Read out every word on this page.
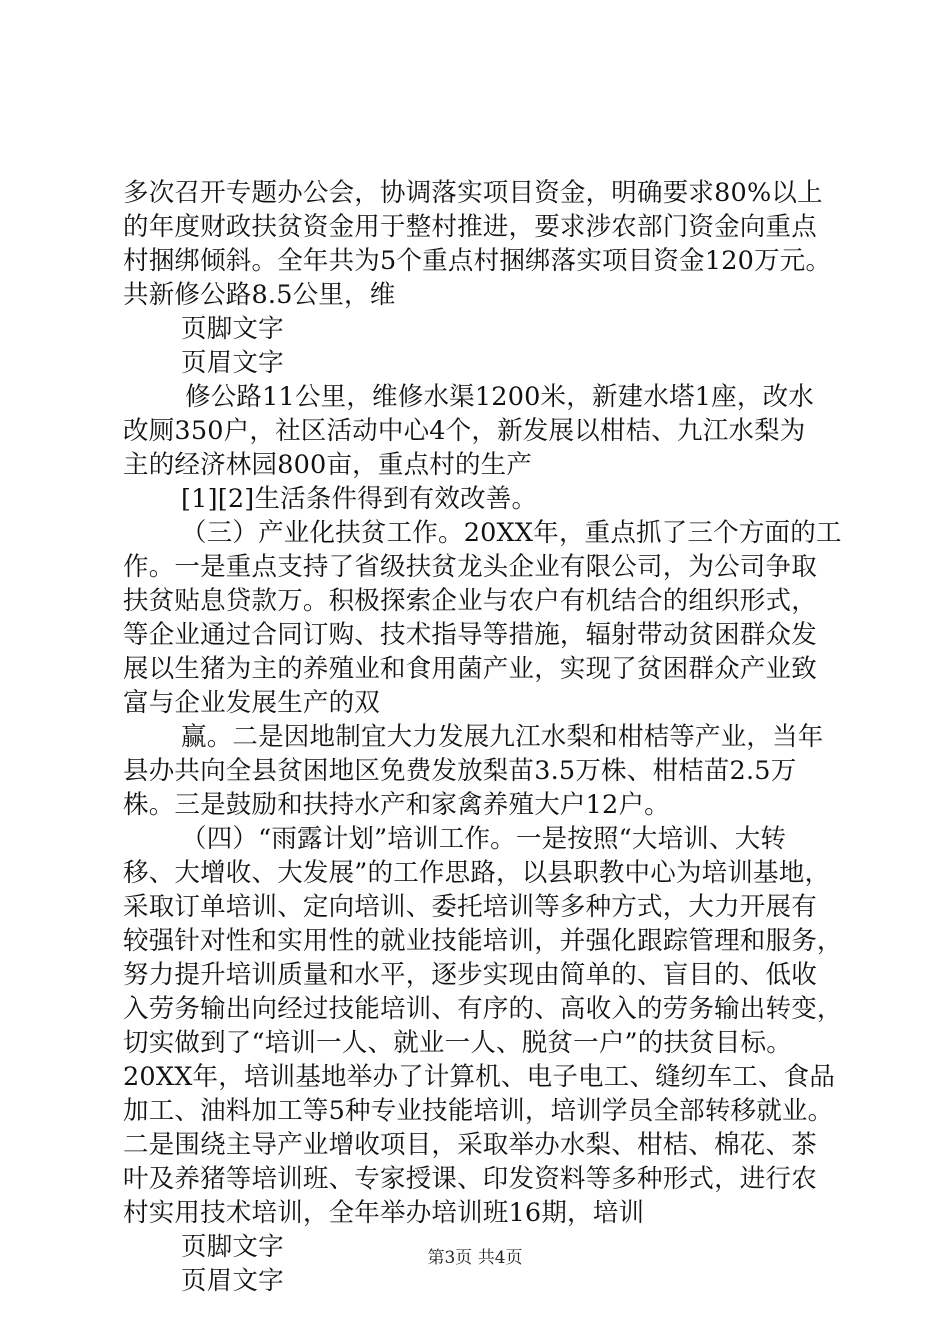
多次召开专题办公会，协调落实项目资金，明确要求80%以上
的年度财政扶贫资金用于整村推进，要求涉农部门资金向重点
村捆绑倾斜。全年共为5个重点村捆绑落实项目资金120万元。
共新修公路8.5公里，维
页脚文字
页眉文字
修公路11公里，维修水渠1200米，新建水塔1座，改水
改厕350户，社区活动中心4个，新发展以柑桔、九江水梨为
主的经济林园800亩，重点村的生产
[1][2]生活条件得到有效改善。
（三）产业化扶贫工作。20XX年，重点抓了三个方面的工
作。一是重点支持了省级扶贫龙头企业有限公司，为公司争取
扶贫贴息贷款万。积极探索企业与农户有机结合的组织形式，
等企业通过合同订购、技术指导等措施，辐射带动贫困群众发
展以生猪为主的养殖业和食用菌产业，实现了贫困群众产业致
富与企业发展生产的双
赢。二是因地制宜大力发展九江水梨和柑桔等产业，当年
县办共向全县贫困地区免费发放梨苗3.5万株、柑桔苗2.5万
株。三是鼓励和扶持水产和家禽养殖大户12户。
（四）“雨露计划”培训工作。一是按照“大培训、大转
移、大增收、大发展”的工作思路，以县职教中心为培训基地，
采取订单培训、定向培训、委托培训等多种方式，大力开展有
较强针对性和实用性的就业技能培训，并强化跟踪管理和服务，
努力提升培训质量和水平，逐步实现由简单的、盲目的、低收
入劳务输出向经过技能培训、有序的、高收入的劳务输出转变，
切实做到了“培训一人、就业一人、脱贫一户”的扶贫目标。
20XX年，培训基地举办了计算机、电子电工、缝纫车工、食品
加工、油料加工等5种专业技能培训，培训学员全部转移就业。
二是围绕主导产业增收项目，采取举办水梨、柑桔、棉花、茶
叶及养猪等培训班、专家授课、印发资料等多种形式，进行农
村实用技术培训，全年举办培训班16期，培训
页脚文字
页眉文字
第3页 共4页
